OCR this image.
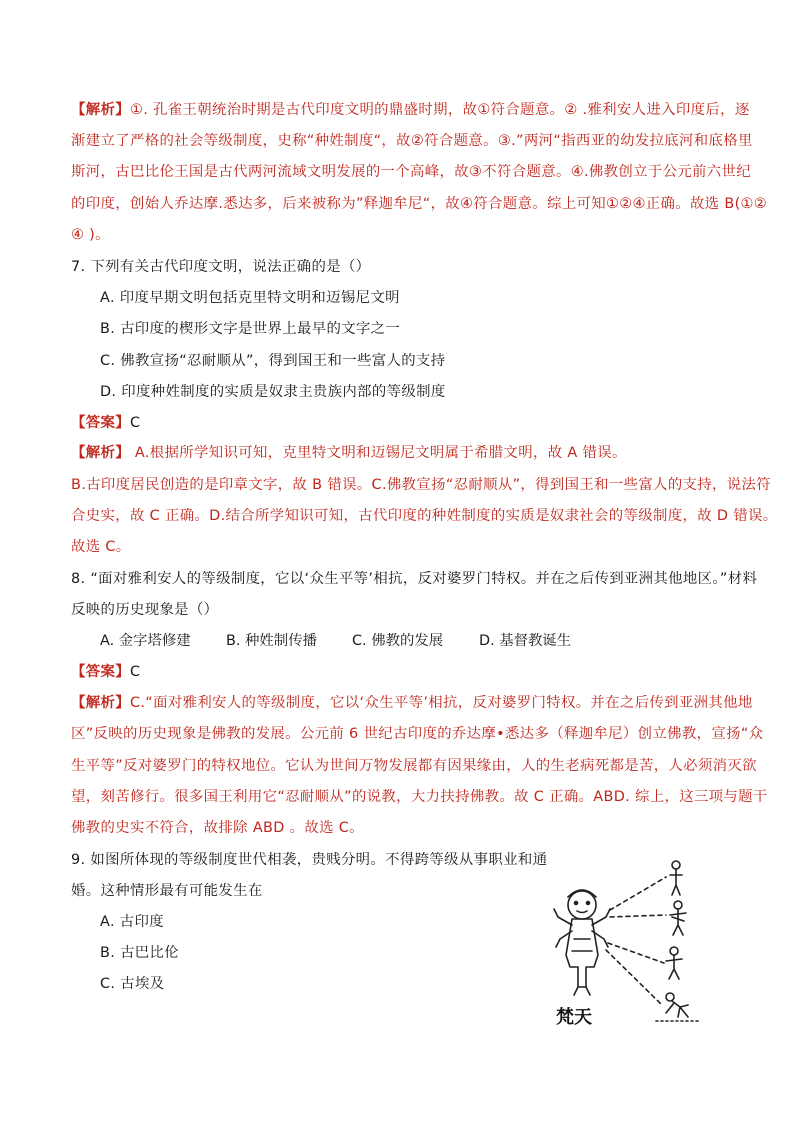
【解析】①. 孔雀王朝统治时期是古代印度文明的鼎盛时期，故①符合题意。② .雅利安人进入印度后，逐
渐建立了严格的社会等级制度，史称“种姓制度“，故②符合题意。③.”两河“指西亚的幼发拉底河和底格里
斯河，古巴比伦王国是古代两河流域文明发展的一个高峰，故③不符合题意。④.佛教创立于公元前六世纪
的印度，创始人乔达摩.悉达多，后来被称为”释迦牟尼“，故④符合题意。综上可知①②④正确。故选 B(①②
④ )。
7. 下列有关古代印度文明，说法正确的是（）
A. 印度早期文明包括克里特文明和迈锡尼文明
B. 古印度的楔形文字是世界上最早的文字之一
C. 佛教宣扬“忍耐顺从”，得到国王和一些富人的支持
D. 印度种姓制度的实质是奴隶主贵族内部的等级制度
【答案】C
【解析】 A.根据所学知识可知，克里特文明和迈锡尼文明属于希腊文明，故 A 错误。
B.古印度居民创造的是印章文字，故 B 错误。C.佛教宣扬“忍耐顺从”，得到国王和一些富人的支持，说法符
合史实，故 C 正确。D.结合所学知识可知，古代印度的种姓制度的实质是奴隶社会的等级制度，故 D 错误。
故选 C。
8. “面对雅利安人的等级制度，它以‘众生平等’相抗，反对婆罗门特权。并在之后传到亚洲其他地区。”材料
反映的历史现象是（）
A. 金字塔修建 B. 种姓制传播 C. 佛教的发展 D. 基督教诞生
【答案】C
【解析】C.“面对雅利安人的等级制度，它以‘众生平等’相抗，反对婆罗门特权。并在之后传到亚洲其他地
区”反映的历史现象是佛教的发展。公元前 6 世纪古印度的乔达摩•悉达多（释迦牟尼）创立佛教，宣扬“众
生平等”反对婆罗门的特权地位。它认为世间万物发展都有因果缘由，人的生老病死都是苦，人必须消灭欲
望，刻苦修行。很多国王利用它“忍耐顺从”的说教，大力扶持佛教。故 C 正确。ABD. 综上，这三项与题干
佛教的史实不符合，故排除 ABD 。故选 C。
9. 如图所体现的等级制度世代相袭，贵贱分明。不得跨等级从事职业和通
婚。这种情形最有可能发生在
A. 古印度
B. 古巴比伦
C. 古埃及
梵天
